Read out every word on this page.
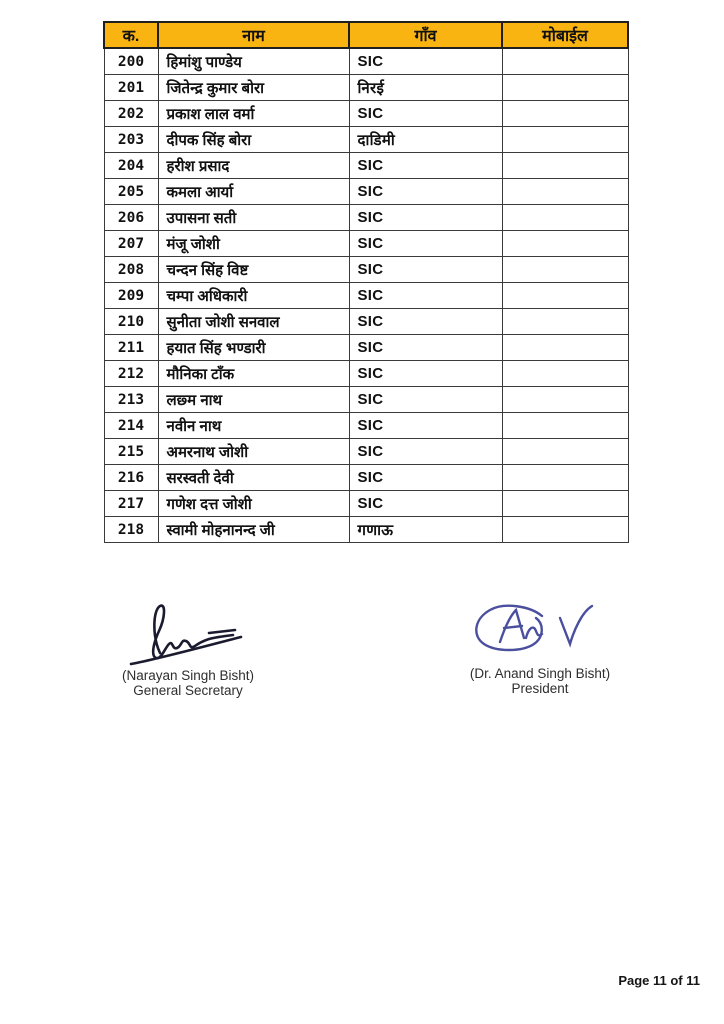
क.	नाम	गाँव	मोबाईल
200	हिमांशु पाण्डेय	SIC	
201	जितेन्द्र कुमार बोरा	निरई	
202	प्रकाश लाल वर्मा	SIC	
203	दीपक सिंह बोरा	दाडिमी	
204	हरीश प्रसाद	SIC	
205	कमला आर्या	SIC	
206	उपासना सती	SIC	
207	मंजू जोशी	SIC	
208	चन्दन सिंह विष्ट	SIC	
209	चम्पा अधिकारी	SIC	
210	सुनीता जोशी सनवाल	SIC	
211	हयात सिंह भण्डारी	SIC	
212	मौनिका टाँक	SIC	
213	लछ्म नाथ	SIC	
214	नवीन नाथ	SIC	
215	अमरनाथ जोशी	SIC	
216	सरस्वती देवी	SIC	
217	गणेश दत्त जोशी	SIC	
218	स्वामी मोहनानन्द जी	गणाऊ	
(Narayan Singh Bisht)
General Secretary
(Dr. Anand Singh Bisht)
President
Page 11 of 11
